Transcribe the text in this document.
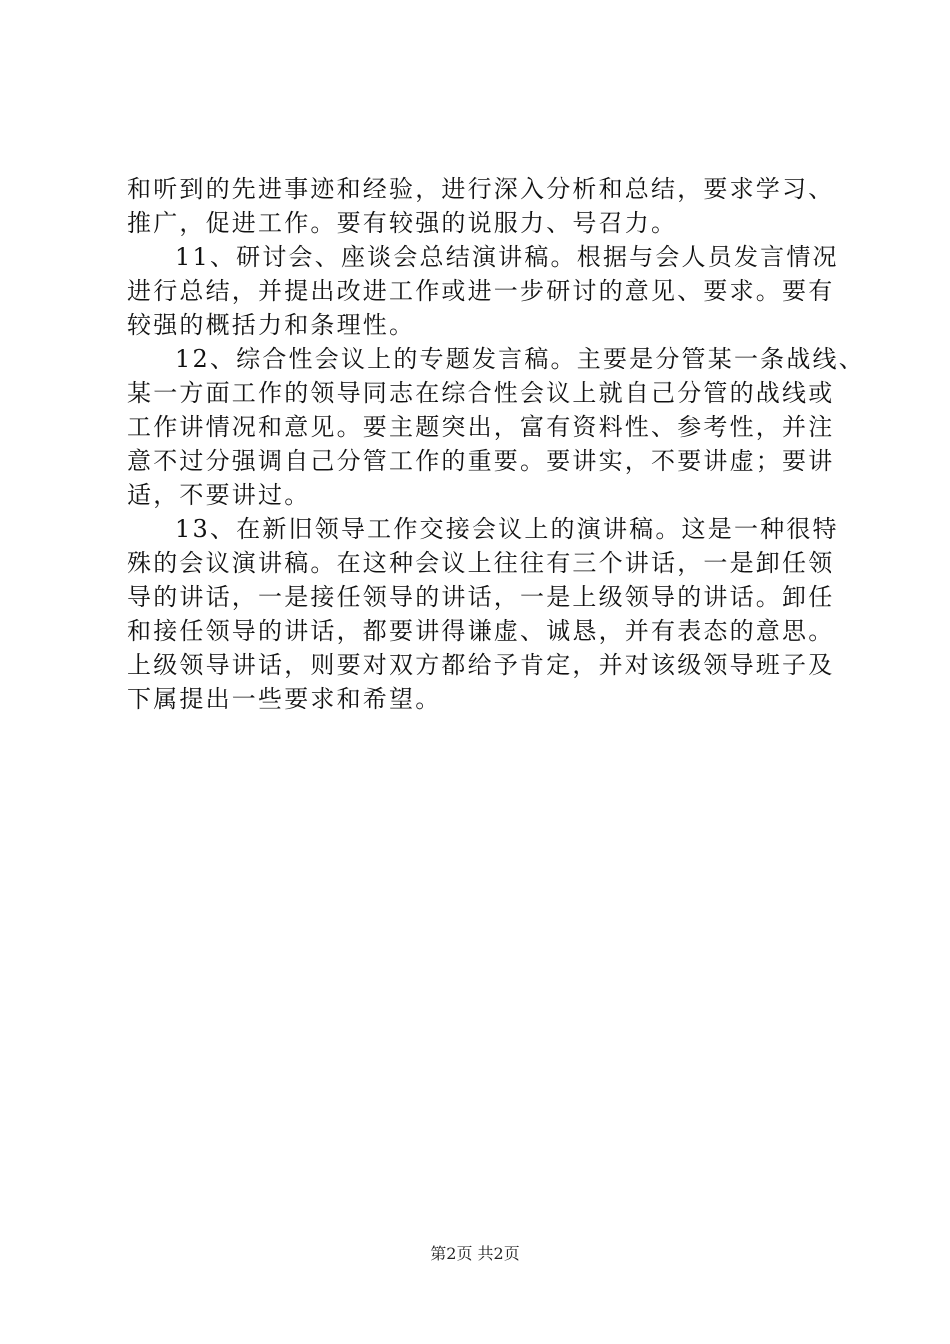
和听到的先进事迹和经验，进行深入分析和总结，要求学习、
推广，促进工作。要有较强的说服力、号召力。
11、研讨会、座谈会总结演讲稿。根据与会人员发言情况
进行总结，并提出改进工作或进一步研讨的意见、要求。要有
较强的概括力和条理性。
12、综合性会议上的专题发言稿。主要是分管某一条战线、
某一方面工作的领导同志在综合性会议上就自己分管的战线或
工作讲情况和意见。要主题突出，富有资料性、参考性，并注
意不过分强调自己分管工作的重要。要讲实，不要讲虚；要讲
适，不要讲过。
13、在新旧领导工作交接会议上的演讲稿。这是一种很特
殊的会议演讲稿。在这种会议上往往有三个讲话，一是卸任领
导的讲话，一是接任领导的讲话，一是上级领导的讲话。卸任
和接任领导的讲话，都要讲得谦虚、诚恳，并有表态的意思。
上级领导讲话，则要对双方都给予肯定，并对该级领导班子及
下属提出一些要求和希望。
第2页 共2页
